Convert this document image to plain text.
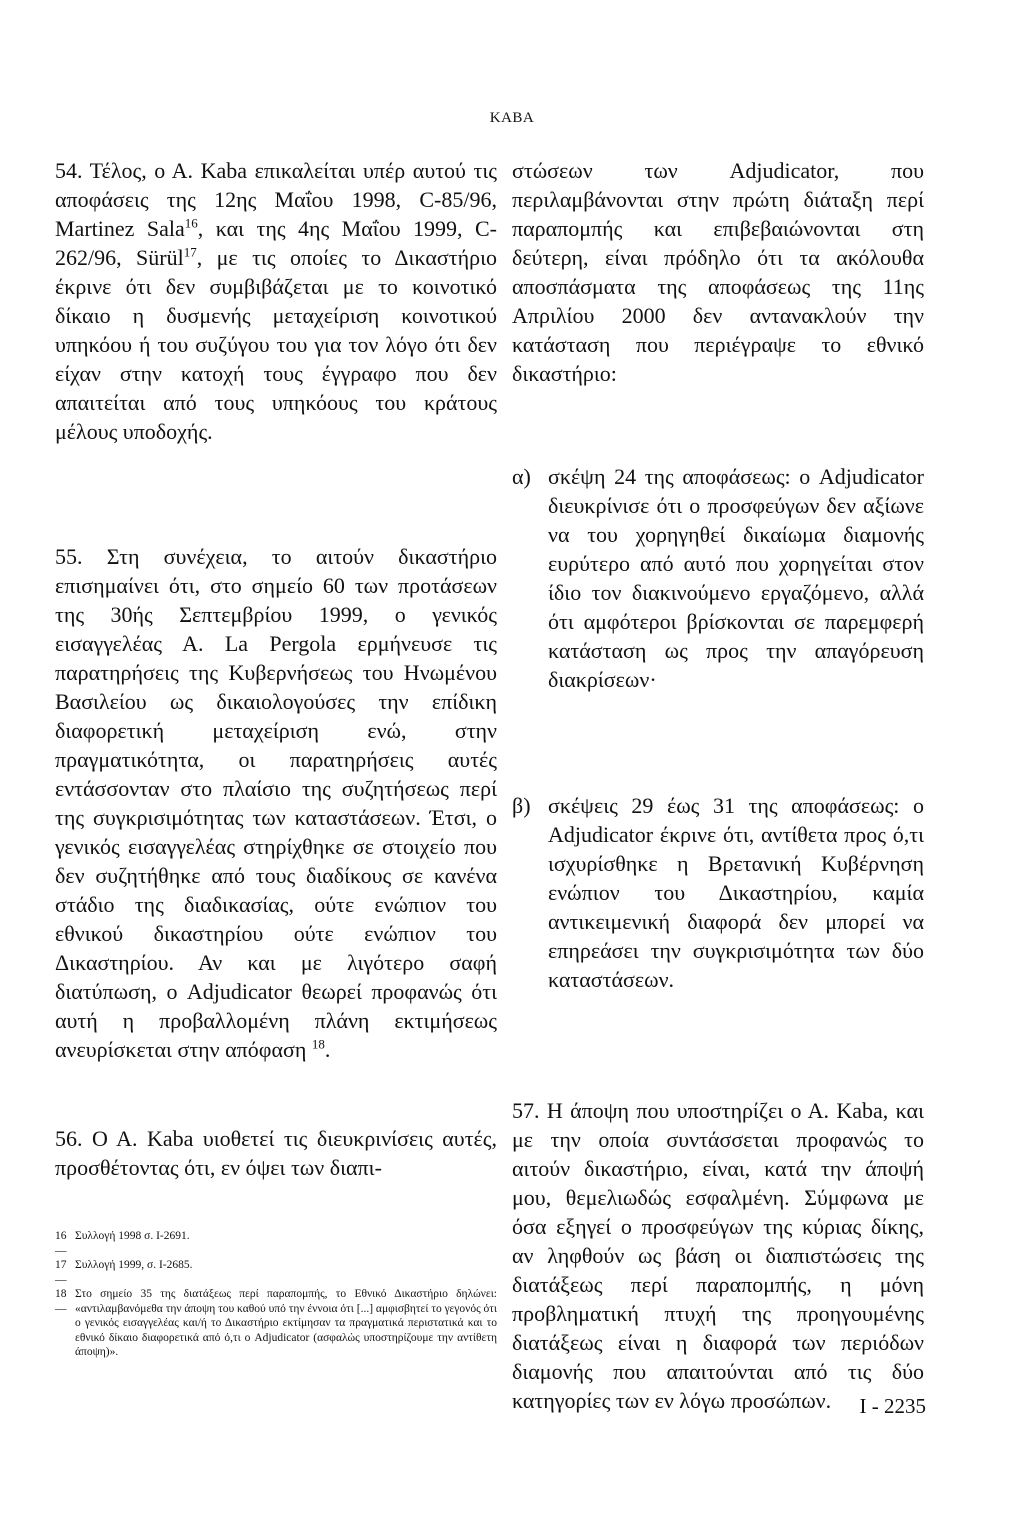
KABA

54. Τέλος, ο Α. Kaba επικαλείται υπέρ αυτού τις αποφάσεις της 12ης Μαΐου 1998, C-85/96, Martinez Sala$^{16}$, και της 4ης Μαΐου 1999, C-262/96, Sürül$^{17}$, με τις οποίες το Δικαστήριο έκρινε ότι δεν συμβιβάζεται με το κοινοτικό δίκαιο η δυσμενής μεταχείριση κοινοτικού υπηκόου ή του συζύγου του για τον λόγο ότι δεν είχαν στην κατοχή τους έγγραφο που δεν απαιτείται από τους υπηκόους του κράτους μέλους υποδοχής.

55. Στη συνέχεια, το αιτούν δικαστήριο επισημαίνει ότι, στο σημείο 60 των προτάσεων της 30ής Σεπτεμβρίου 1999, ο γενικός εισαγγελέας Α. La Pergola ερμήνευσε τις παρατηρήσεις της Κυβερνήσεως του Ηνωμένου Βασιλείου ως δικαιολογούσες την επίδικη διαφορετική μεταχείριση ενώ, στην πραγματικότητα, οι παρατηρήσεις αυτές εντάσσονταν στο πλαίσιο της συζητήσεως περί της συγκρισιμότητας των καταστάσεων. Έτσι, ο γενικός εισαγγελέας στηρίχθηκε σε στοιχείο που δεν συζητήθηκε από τους διαδίκους σε κανένα στάδιο της διαδικασίας, ούτε ενώπιον του εθνικού δικαστηρίου ούτε ενώπιον του Δικαστηρίου. Αν και με λιγότερο σαφή διατύπωση, ο Adjudicator θεωρεί προφανώς ότι αυτή η προβαλλομένη πλάνη εκτιμήσεως ανευρίσκεται στην απόφαση $^{18}$.

56. Ο Α. Kaba υιοθετεί τις διευκρινίσεις αυτές, προσθέτοντας ότι, εν όψει των διαπι-

στώσεων των Adjudicator, που περιλαμβάνονται στην πρώτη διάταξη περί παραπομπής και επιβεβαιώνονται στη δεύτερη, είναι πρόδηλο ότι τα ακόλουθα αποσπάσματα της αποφάσεως της 11ης Απριλίου 2000 δεν αντανακλούν την κατάσταση που περιέγραψε το εθνικό δικαστήριο:

α) σκέψη 24 της αποφάσεως: ο Adjudicator διευκρίνισε ότι ο προσφεύγων δεν αξίωνε να του χορηγηθεί δικαίωμα διαμονής ευρύτερο από αυτό που χορηγείται στον ίδιο τον διακινούμενο εργαζόμενο, αλλά ότι αμφότεροι βρίσκονται σε παρεμφερή κατάσταση ως προς την απαγόρευση διακρίσεων·
β) σκέψεις 29 έως 31 της αποφάσεως: ο Adjudicator έκρινε ότι, αντίθετα προς ό,τι ισχυρίσθηκε η Βρετανική Κυβέρνηση ενώπιον του Δικαστηρίου, καμία αντικειμενική διαφορά δεν μπορεί να επηρεάσει την συγκρισιμότητα των δύο καταστάσεων.

57. Η άποψη που υποστηρίζει ο Α. Kaba, και με την οποία συντάσσεται προφανώς το αιτούν δικαστήριο, είναι, κατά την άποψή μου, θεμελιωδώς εσφαλμένη. Σύμφωνα με όσα εξηγεί ο προσφεύγων της κύριας δίκης, αν ληφθούν ως βάση οι διαπιστώσεις της διατάξεως περί παραπομπής, η μόνη προβληματική πτυχή της προηγουμένης διατάξεως είναι η διαφορά των περιόδων διαμονής που απαιτούνται από τις δύο κατηγορίες των εν λόγω προσώπων.

16 —
Συλλογή 1998 σ. I-2691.
17 —
Συλλογή 1999, σ. I-2685.
18 —
Στο σημείο 35 της διατάξεως περί παραπομπής, το Εθνικό Δικαστήριο δηλώνει: «αντιλαμβανόμεθα την άποψη του καθού υπό την έννοια ότι [...] αμφισβητεί το γεγονός ότι ο γενικός εισαγγελέας και/ή το Δικαστήριο εκτίμησαν τα πραγματικά περιστατικά και το εθνικό δίκαιο διαφορετικά από ό,τι ο Adjudicator (ασφαλώς υποστηρίζουμε την αντίθετη άποψη)».
I - 2235
